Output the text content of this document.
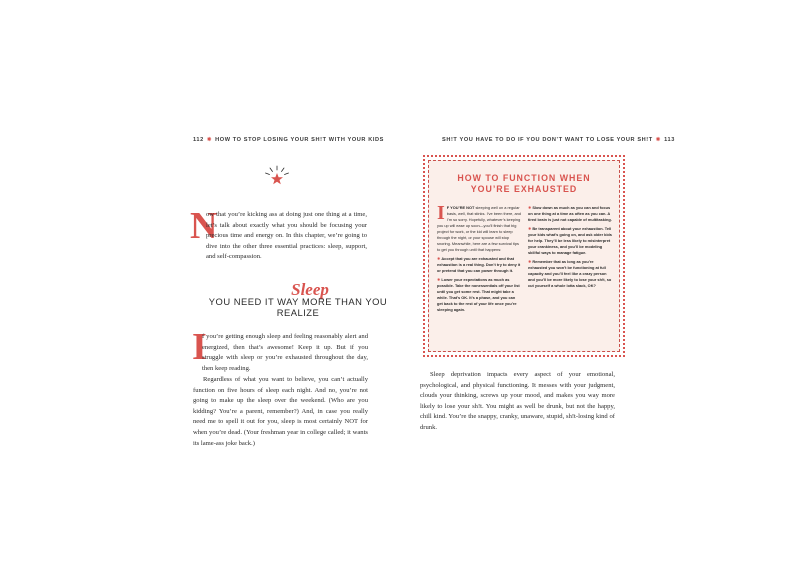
112 ✸ HOW TO STOP LOSING YOUR SH!T WITH YOUR KIDS
N

ow that you’re kicking ass at doing just one thing at a time, let’s talk about exactly what you should be focusing your precious time and energy on. In this chapter, we’re going to dive into the other three essential practices: sleep, support, and self-compassion.

Sleep
YOU NEED IT WAY MORE THAN YOU REALIZE
I

f you’re getting enough sleep and feeling reasonably alert and energized, then that’s awesome! Keep it up. But if you struggle with sleep or you’re exhausted throughout the day, then keep reading.

Regardless of what you want to believe, you can’t actually function on five hours of sleep each night. And no, you’re not going to make up the sleep over the weekend. (Who are you kidding? You’re a parent, remember?) And, in case you really need me to spell it out for you, sleep is most certainly NOT for when you’re dead. (Your freshman year in college called; it wants its lame-ass joke back.)

SH!T YOU HAVE TO DO IF YOU DON’T WANT TO LOSE YOUR SH!T ✸ 113
HOW TO FUNCTION WHEN
YOU’RE EXHAUSTED

I F YOU’RE NOT sleeping well on a regular basis, well, that stinks. I’ve been there, and I’m so sorry. Hopefully, whatever’s keeping you up will ease up soon—you’ll finish that big project for work, or the kid will learn to sleep through the night, or your spouse will stop snoring. Meanwhile, here are a few survival tips to get you through until that happens:

✸ Accept that you are exhausted and that exhaustion is a real thing. Don’t try to deny it or pretend that you can power through it.

✸ Lower your expectations as much as possible. Take the nonessentials off your list until you get some rest. That might take a while. That’s OK. It’s a phase, and you can get back to the rest of your life once you’re sleeping again.

✸ Slow down as much as you can and focus on one thing at a time as often as you can. A tired brain is just not capable of multitasking.

✸ Be transparent about your exhaustion. Tell your kids what’s going on, and ask older kids for help. They’ll be less likely to misinterpret your crankiness, and you’ll be modeling skillful ways to manage fatigue.

✸ Remember that as long as you’re exhausted you won’t be functioning at full capacity and you’ll feel like a crazy person and you’ll be more likely to lose your sh!t, so cut yourself a whole lotta slack, OK?

Sleep deprivation impacts every aspect of your emotional, psychological, and physical functioning. It messes with your judgment, clouds your thinking, screws up your mood, and makes you way more likely to lose your sh!t. You might as well be drunk, but not the happy, chill kind. You’re the snappy, cranky, unaware, stupid, sh!t-losing kind of drunk.
